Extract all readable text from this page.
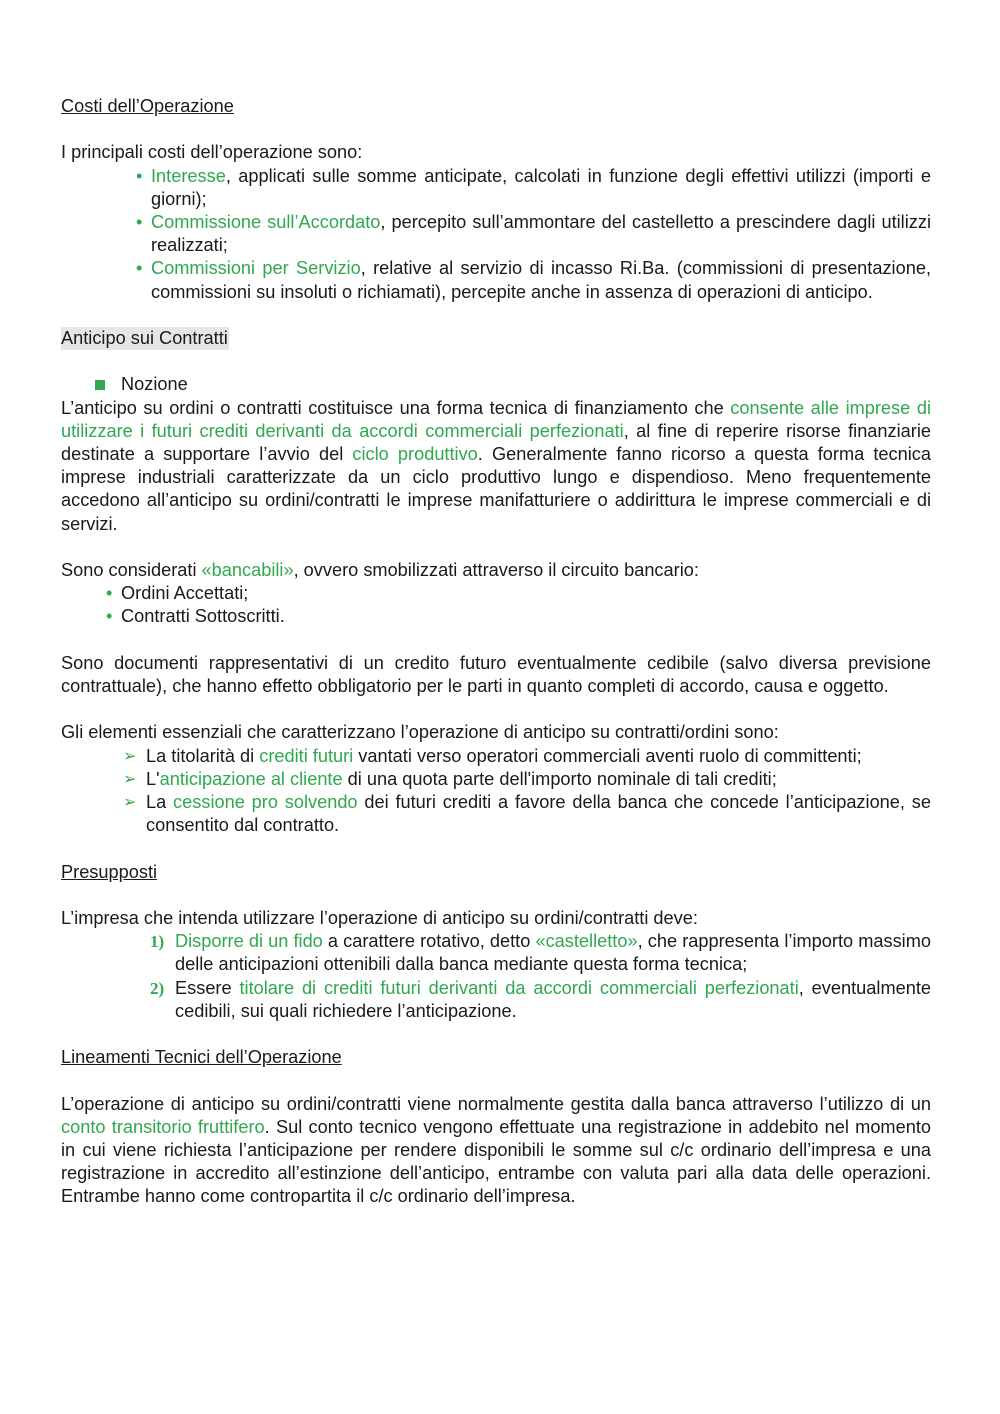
Costi dell’Operazione
I principali costi dell’operazione sono:
• Interesse, applicati sulle somme anticipate, calcolati in funzione degli effettivi utilizzi (importi e giorni);
• Commissione sull’Accordato, percepito sull’ammontare del castelletto a prescindere dagli utilizzi realizzati;
• Commissioni per Servizio, relative al servizio di incasso Ri.Ba. (commissioni di presentazione, commissioni su insoluti o richiamati), percepite anche in assenza di operazioni di anticipo.
Anticipo sui Contratti
Nozione
L’anticipo su ordini o contratti costituisce una forma tecnica di finanziamento che consente alle imprese di utilizzare i futuri crediti derivanti da accordi commerciali perfezionati, al fine di reperire risorse finanziarie destinate a supportare l’avvio del ciclo produttivo. Generalmente fanno ricorso a questa forma tecnica imprese industriali caratterizzate da un ciclo produttivo lungo e dispendioso. Meno frequentemente accedono all’anticipo su ordini/contratti le imprese manifatturiere o addirittura le imprese commerciali e di servizi.
Sono considerati «bancabili», ovvero smobilizzati attraverso il circuito bancario:
• Ordini Accettati;
• Contratti Sottoscritti.
Sono documenti rappresentativi di un credito futuro eventualmente cedibile (salvo diversa previsione contrattuale), che hanno effetto obbligatorio per le parti in quanto completi di accordo, causa e oggetto.
Gli elementi essenziali che caratterizzano l’operazione di anticipo su contratti/ordini sono:
➢ La titolarità di crediti futuri vantati verso operatori commerciali aventi ruolo di committenti;
➢ L'anticipazione al cliente di una quota parte dell'importo nominale di tali crediti;
➢ La cessione pro solvendo dei futuri crediti a favore della banca che concede l’anticipazione, se consentito dal contratto.
Presupposti
L’impresa che intenda utilizzare l’operazione di anticipo su ordini/contratti deve:
1) Disporre di un fido a carattere rotativo, detto «castelletto», che rappresenta l’importo massimo delle anticipazioni ottenibili dalla banca mediante questa forma tecnica;
2) Essere titolare di crediti futuri derivanti da accordi commerciali perfezionati, eventualmente cedibili, sui quali richiedere l’anticipazione.
Lineamenti Tecnici dell’Operazione
L’operazione di anticipo su ordini/contratti viene normalmente gestita dalla banca attraverso l’utilizzo di un conto transitorio fruttifero. Sul conto tecnico vengono effettuate una registrazione in addebito nel momento in cui viene richiesta l’anticipazione per rendere disponibili le somme sul c/c ordinario dell’impresa e una registrazione in accredito all’estinzione dell’anticipo, entrambe con valuta pari alla data delle operazioni. Entrambe hanno come contropartita il c/c ordinario dell’impresa.
